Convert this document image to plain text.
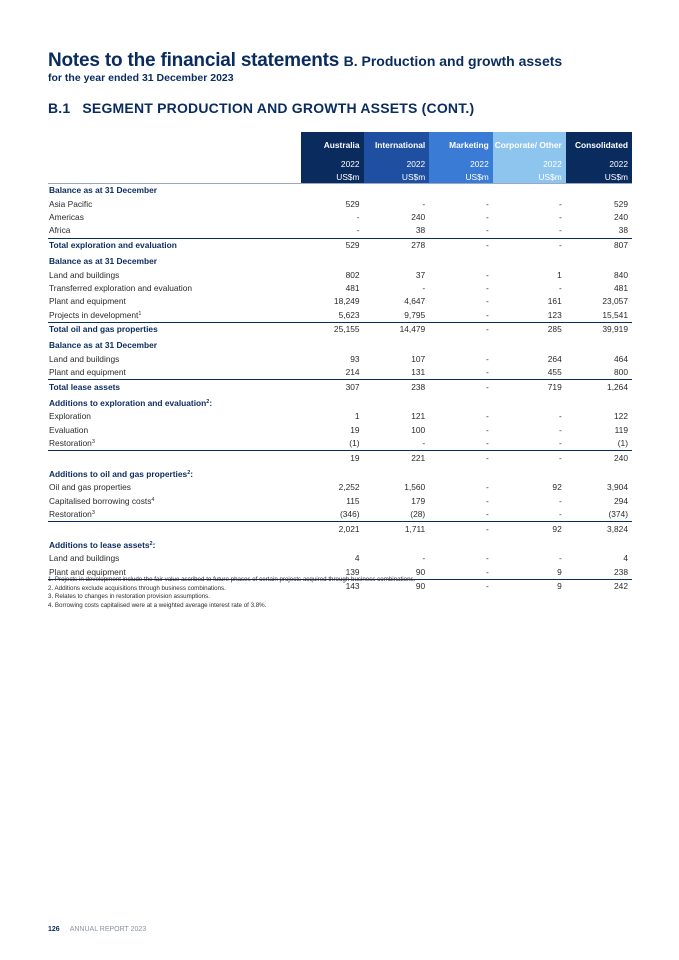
Notes to the financial statements B. Production and growth assets
for the year ended 31 December 2023
B.1 SEGMENT PRODUCTION AND GROWTH ASSETS (CONT.)
	Australia	International	Marketing	Corporate/ Other	Consolidated
	2022	2022	2022	2022	2022
	US$m	US$m	US$m	US$m	US$m
Balance as at 31 December					
Asia Pacific	529	-	-	-	529
Americas	-	240	-	-	240
Africa	-	38	-	-	38
Total exploration and evaluation	529	278	-	-	807

Balance as at 31 December					
Land and buildings	802	37	-	1	840
Transferred exploration and evaluation	481	-	-	-	481
Plant and equipment	18,249	4,647	-	161	23,057
Projects in development$^1$	5,623	9,795	-	123	15,541
Total oil and gas properties	25,155	14,479	-	285	39,919

Balance as at 31 December					
Land and buildings	93	107	-	264	464
Plant and equipment	214	131	-	455	800
Total lease assets	307	238	-	719	1,264

Additions to exploration and evaluation$^2$:					
Exploration	1	121	-	-	122
Evaluation	19	100	-	-	119
Restoration$^3$	(1)	-	-	-	(1)
	19	221	-	-	240

Additions to oil and gas properties$^2$:					
Oil and gas properties	2,252	1,560	-	92	3,904
Capitalised borrowing costs$^4$	115	179	-	-	294
Restoration$^3$	(346)	(28)	-	-	(374)
	2,021	1,711	-	92	3,824

Additions to lease assets$^2$:					
Land and buildings	4	-	-	-	4
Plant and equipment	139	90	-	9	238
	143	90	-	9	242
1. Projects in development include the fair value ascribed to future phases of certain projects acquired through business combinations.
2. Additions exclude acquisitions through business combinations.
3. Relates to changes in restoration provision assumptions.
4. Borrowing costs capitalised were at a weighted average interest rate of 3.8%.
126 ANNUAL REPORT 2023
